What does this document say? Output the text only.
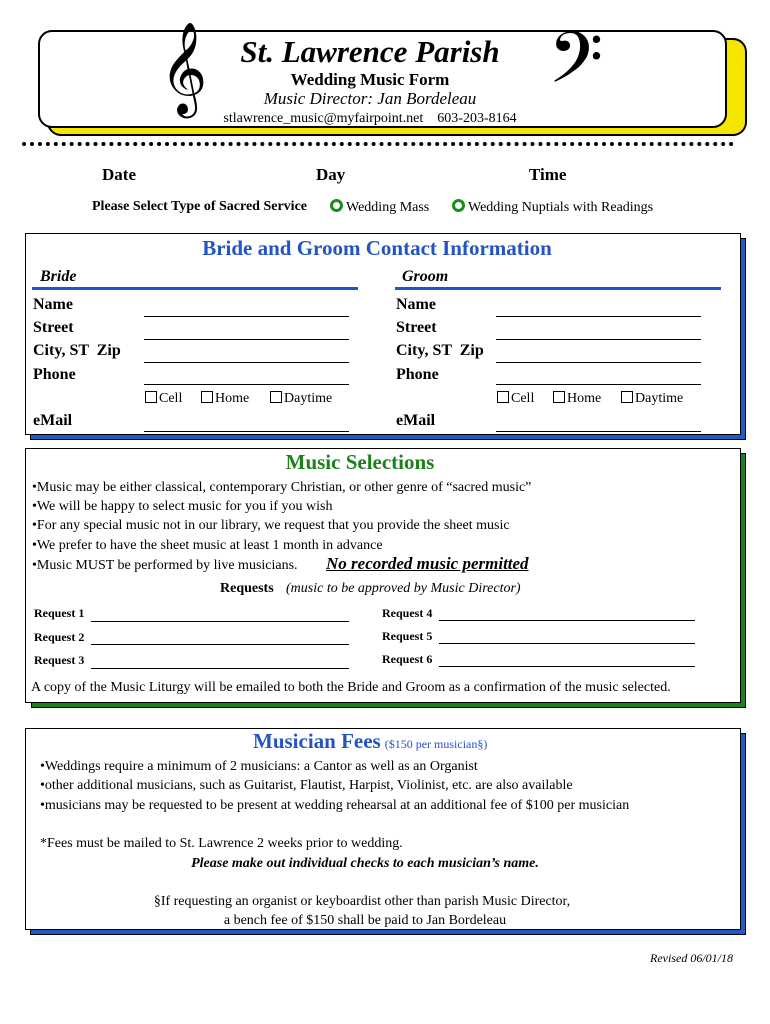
𝄞	𝄢
St. Lawrence Parish
Wedding Music Form
Music Director: Jan Bordeleau
stlawrence_music@myfairpoint.net    603-203-8164
Date	Day	Time
Please Select Type of Sacred Service	Wedding Mass	Wedding Nuptials with Readings
Bride and Groom Contact Information
Bride	Groom
Name
Street
City, ST  Zip
Phone
Cell	Home	Daytime
eMail
Name
Street
City, ST  Zip
Phone
Cell	Home	Daytime
eMail
Music Selections
•Music may be either classical, contemporary Christian, or other genre of “sacred music”
•We will be happy to select music for you if you wish
•For any special music not in our library, we request that you provide the sheet music
•We prefer to have the sheet music at least 1 month in advance
•Music MUST be performed by live musicians. No recorded music permitted
Requests (music to be approved by Music Director)
Request 1
Request 2
Request 3
Request 4
Request 5
Request 6
A copy of the Music Liturgy will be emailed to both the Bride and Groom as a confirmation of the music selected.
Musician Fees ($150 per musician§)
•Weddings require a minimum of 2 musicians: a Cantor as well as an Organist
•other additional musicians, such as Guitarist, Flautist, Harpist, Violinist, etc. are also available
•musicians may be requested to be present at wedding rehearsal at an additional fee of $100 per musician
*Fees must be mailed to St. Lawrence 2 weeks prior to wedding.
Please make out individual checks to each musician’s name.
§If requesting an organist or keyboardist other than parish Music Director,
a bench fee of $150 shall be paid to Jan Bordeleau
Revised 06/01/18
